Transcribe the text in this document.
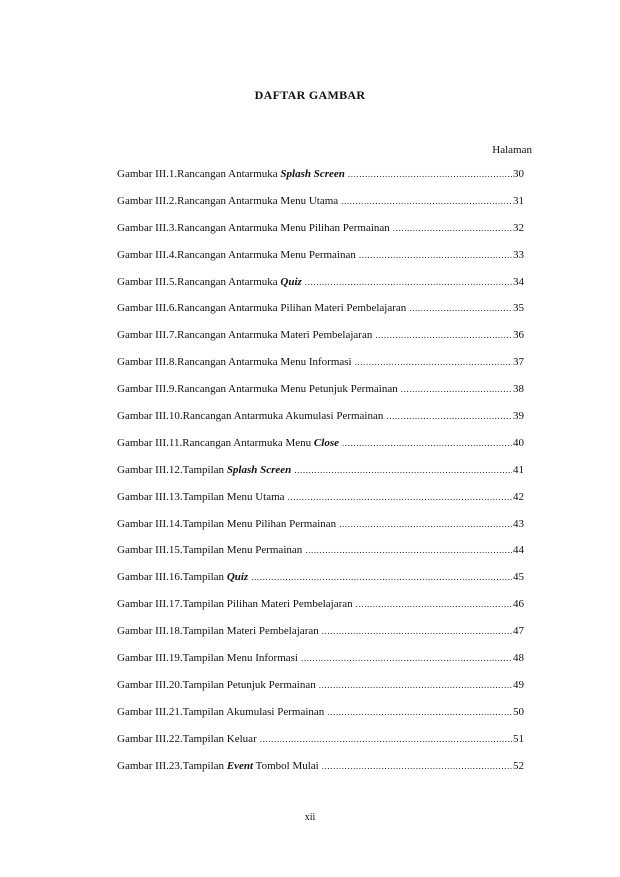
DAFTAR GAMBAR
Halaman
Gambar III.1.Rancangan Antarmuka Splash Screen .....	30
Gambar III.2.Rancangan Antarmuka Menu Utama .....	31
Gambar III.3.Rancangan Antarmuka Menu Pilihan Permainan .....	32
Gambar III.4.Rancangan Antarmuka Menu Permainan .....	33
Gambar III.5.Rancangan Antarmuka Quiz .....	34
Gambar III.6.Rancangan Antarmuka Pilihan Materi Pembelajaran .....	35
Gambar III.7.Rancangan Antarmuka Materi Pembelajaran .....	36
Gambar III.8.Rancangan Antarmuka Menu Informasi .....	37
Gambar III.9.Rancangan Antarmuka Menu Petunjuk Permainan .....	38
Gambar III.10.Rancangan Antarmuka Akumulasi Permainan .....	39
Gambar III.11.Rancangan Antarmuka Menu Close .....	40
Gambar III.12.Tampilan Splash Screen .....	41
Gambar III.13.Tampilan Menu Utama .....	42
Gambar III.14.Tampilan Menu Pilihan Permainan .....	43
Gambar III.15.Tampilan Menu Permainan .....	44
Gambar III.16.Tampilan Quiz .....	45
Gambar III.17.Tampilan Pilihan Materi Pembelajaran .....	46
Gambar III.18.Tampilan Materi Pembelajaran .....	47
Gambar III.19.Tampilan Menu Informasi .....	48
Gambar III.20.Tampilan Petunjuk Permainan .....	49
Gambar III.21.Tampilan Akumulasi Permainan .....	50
Gambar III.22.Tampilan Keluar .....	51
Gambar III.23.Tampilan Event Tombol Mulai .....	52
xii
